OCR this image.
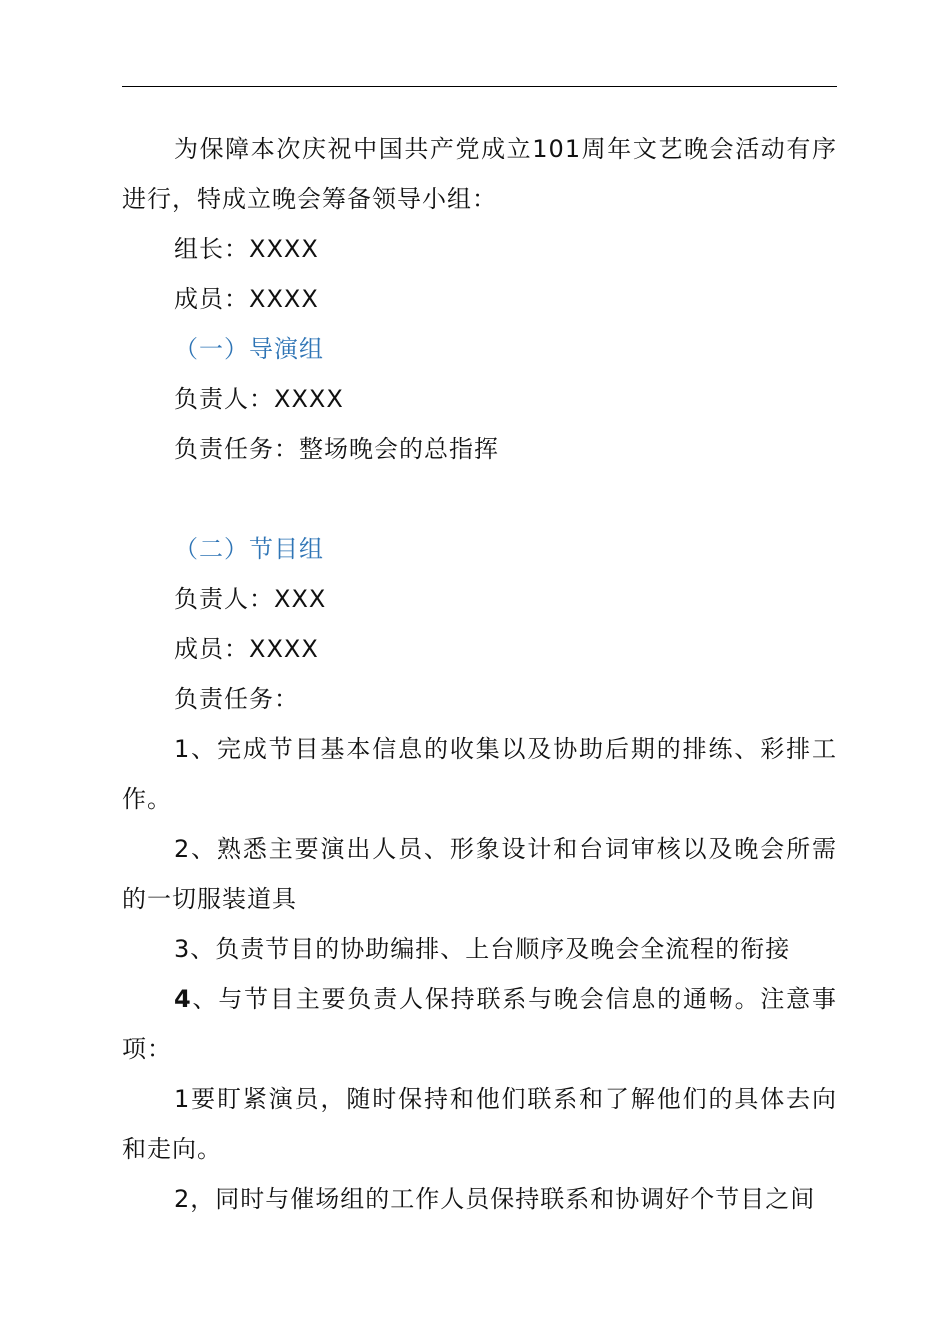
为保障本次庆祝中国共产党成立101周年文艺晚会活动有序进行，特成立晚会筹备领导小组：

组长：XXXX

成员：XXXX

（一）导演组

负责人：XXXX

负责任务：整场晚会的总指挥

（二）节目组

负责人：XXX

成员：XXXX

负责任务：

1、完成节目基本信息的收集以及协助后期的排练、彩排工作。

2、熟悉主要演出人员、形象设计和台词审核以及晚会所需的一切服装道具

3、负责节目的协助编排、上台顺序及晚会全流程的衔接

4、与节目主要负责人保持联系与晚会信息的通畅。注意事项：

1要盯紧演员，随时保持和他们联系和了解他们的具体去向和走向。

2，同时与催场组的工作人员保持联系和协调好个节目之间
